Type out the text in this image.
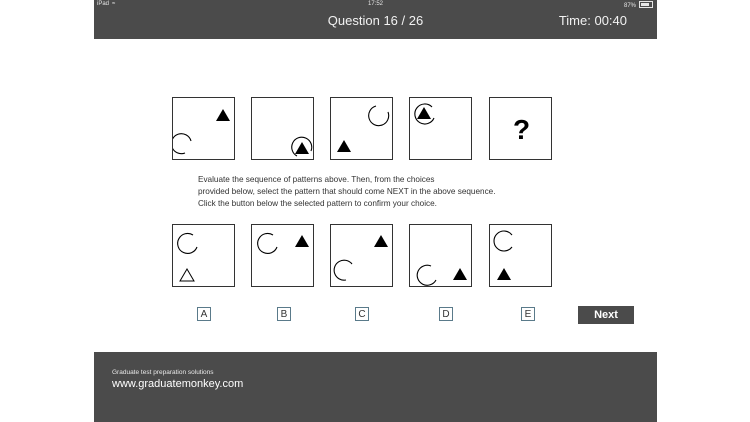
iPad ≈	17:52	87%
Question 16 / 26	Time: 00:40
?
Evaluate the sequence of patterns above. Then, from the choices
provided below, select the pattern that should come NEXT in the above sequence.
Click the button below the selected pattern to confirm your choice.
A	B	C	D	E	Next
Graduate test preparation solutions
www.graduatemonkey.com
